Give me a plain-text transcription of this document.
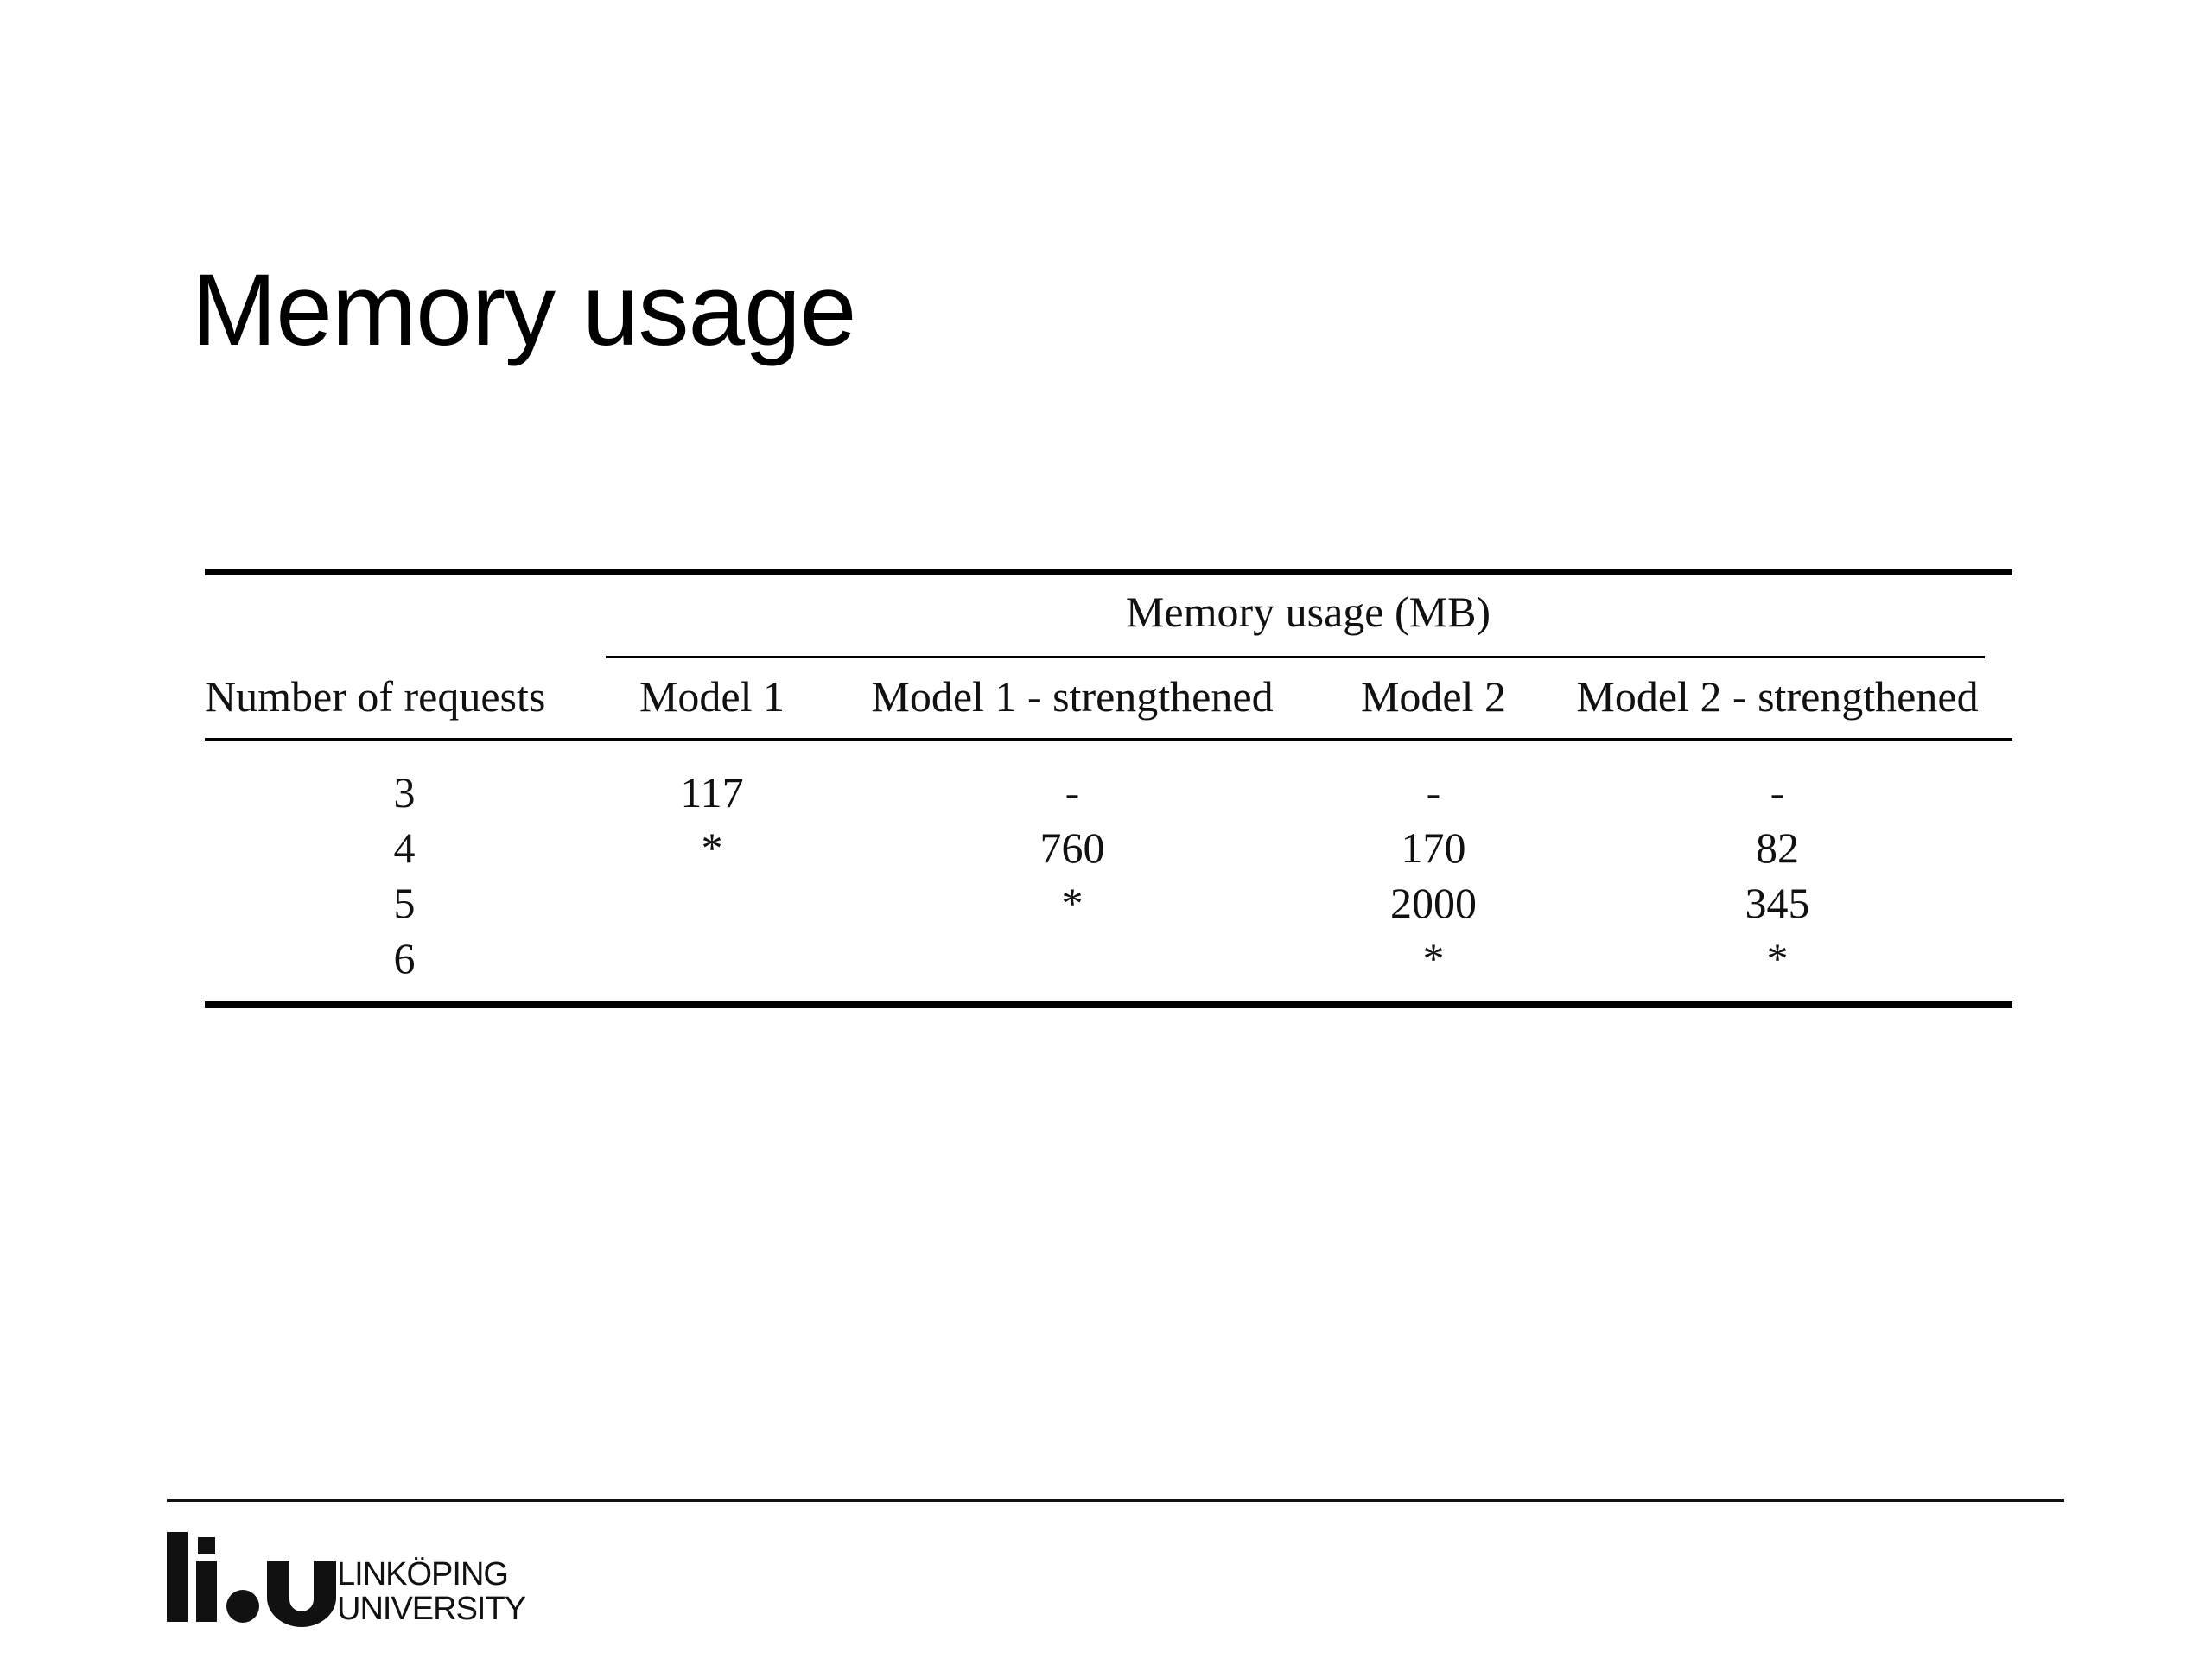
Memory usage
	Memory usage (MB)			

Number of requests	Model 1	Model 1 - strengthened	Model 2	Model 2 - strengthened
3	117	-	-	-
4	*	760	170	82
5		*	2000	345
6			*	*
LINKÖPING
UNIVERSITY
